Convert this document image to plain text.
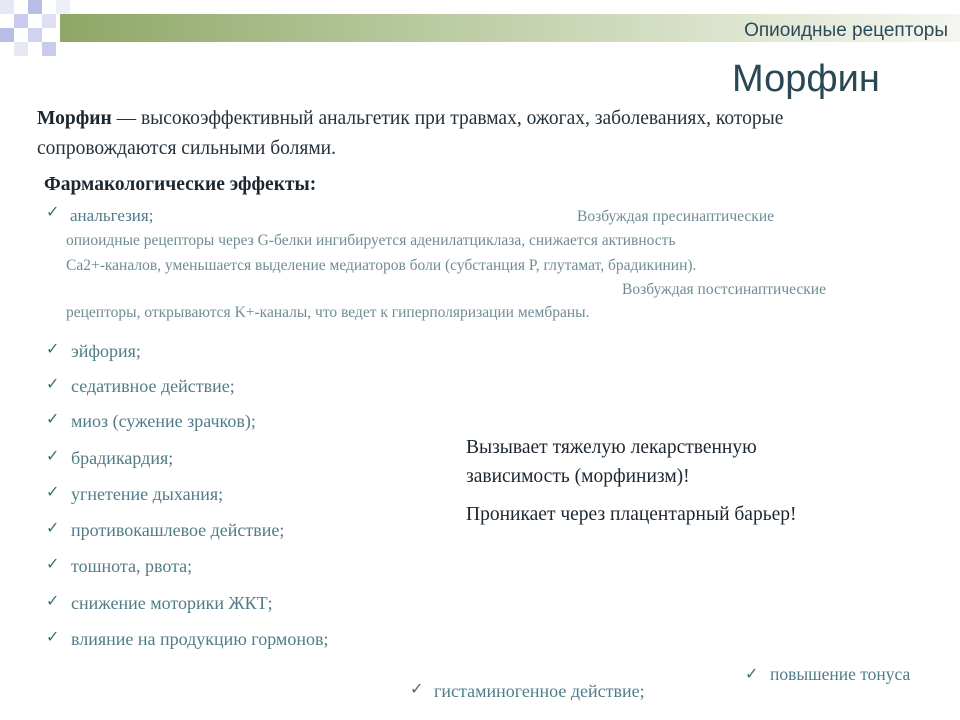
Опиоидные рецепторы
Морфин
Морфин — высокоэффективный анальгетик при травмах, ожогах, заболеваниях, которые сопровождаются сильными болями.
Фармакологические эффекты:
✓ анальгезия;	Возбуждая пресинаптические
опиоидные рецепторы через G-белки ингибируется аденилатциклаза, снижается активность
Ca2+-каналов, уменьшается выделение медиаторов боли (субстанция P, глутамат, брадикинин).
Возбуждая постсинаптические
рецепторы, открываются K+-каналы, что ведет к гиперполяризации мембраны.
✓ эйфория;
✓ седативное действие;
✓ миоз (сужение зрачков);
✓ брадикардия;
✓ угнетение дыхания;
✓ противокашлевое действие;
✓ тошнота, рвота;
✓ снижение моторики ЖКТ;
✓ влияние на продукцию гормонов;
✓ гистаминогенное действие;
✓ повышение тонуса
Вызывает тяжелую лекарственную
зависимость (морфинизм)!
Проникает через плацентарный барьер!
